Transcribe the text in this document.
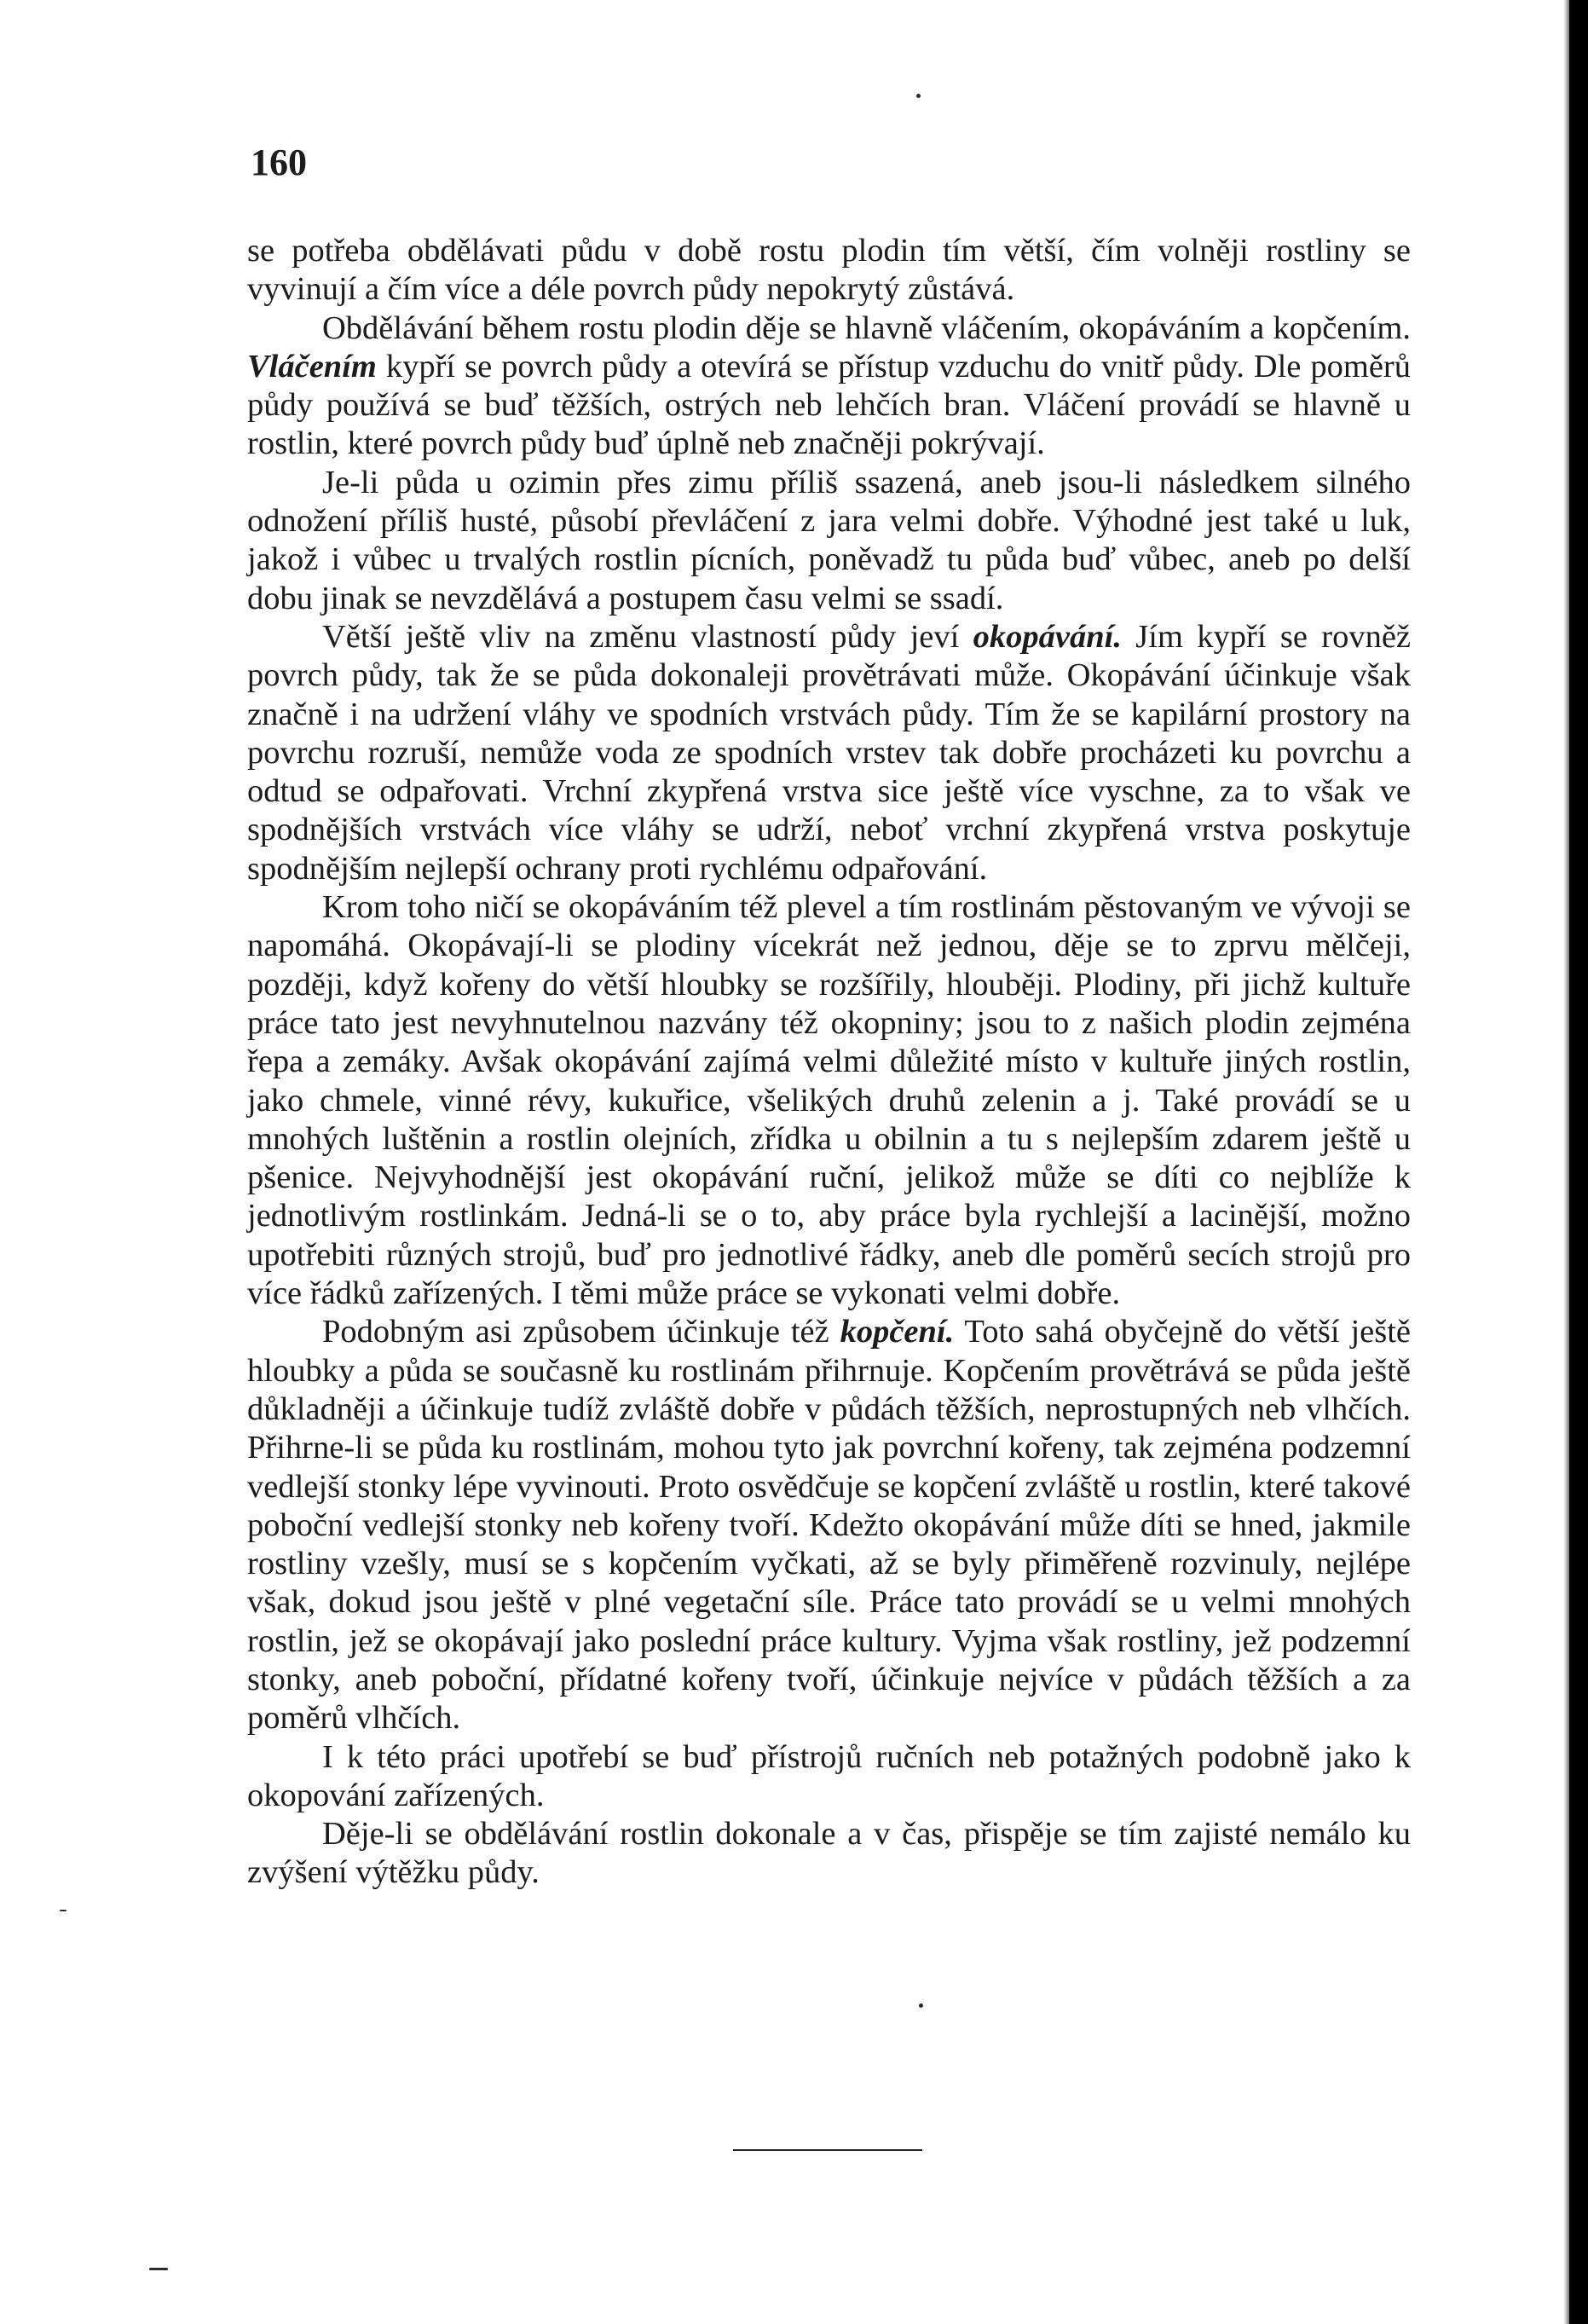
160

se potřeba obdělávati půdu v době rostu plodin tím větší, čím volněji rostliny se vyvinují a čím více a déle povrch půdy nepokrytý zůstává.

Obdělávání během rostu plodin děje se hlavně vláčením, okopáváním a kopčením. Vláčením kypří se povrch půdy a otevírá se přístup vzduchu do vnitř půdy. Dle poměrů půdy používá se buď těžších, ostrých neb lehčích bran. Vláčení provádí se hlavně u rostlin, které povrch půdy buď úplně neb značněji pokrývají.

Je-li půda u ozimin přes zimu příliš ssazená, aneb jsou-li následkem silného odnožení příliš husté, působí převláčení z jara velmi dobře. Výhodné jest také u luk, jakož i vůbec u trvalých rostlin pícních, poněvadž tu půda buď vůbec, aneb po delší dobu jinak se nevzdělává a postupem času velmi se ssadí.

Větší ještě vliv na změnu vlastností půdy jeví okopávání. Jím kypří se rovněž povrch půdy, tak že se půda dokonaleji provětrávati může. Okopávání účinkuje však značně i na udržení vláhy ve spodních vrstvách půdy. Tím že se kapilární prostory na povrchu rozruší, nemůže voda ze spodních vrstev tak dobře procházeti ku povrchu a odtud se odpařovati. Vrchní zkypřená vrstva sice ještě více vyschne, za to však ve spodnějších vrstvách více vláhy se udrží, neboť vrchní zkypřená vrstva poskytuje spodnějším nejlepší ochrany proti rychlému odpařování.

Krom toho ničí se okopáváním též plevel a tím rostlinám pěstovaným ve vývoji se napomáhá. Okopávají-li se plodiny vícekrát než jednou, děje se to zprvu mělčeji, později, když kořeny do větší hloubky se rozšířily, hlouběji. Plodiny, při jichž kultuře práce tato jest nevyhnutelnou nazvány též okopniny; jsou to z našich plodin zejména řepa a zemáky. Avšak okopávání zajímá velmi důležité místo v kultuře jiných rostlin, jako chmele, vinné révy, kukuřice, všelikých druhů zelenin a j. Také provádí se u mnohých luštěnin a rostlin olejních, zřídka u obilnin a tu s nejlepším zdarem ještě u pšenice. Nejvyhodnější jest okopávání ruční, jelikož může se díti co nejblíže k jednotlivým rostlinkám. Jedná-li se o to, aby práce byla rychlejší a lacinější, možno upotřebiti různých strojů, buď pro jednotlivé řádky, aneb dle poměrů secích strojů pro více řádků zařízených. I těmi může práce se vykonati velmi dobře.

Podobným asi způsobem účinkuje též kopčení. Toto sahá obyčejně do větší ještě hloubky a půda se současně ku rostlinám přihrnuje. Kopčením provětrává se půda ještě důkladněji a účinkuje tudíž zvláště dobře v půdách těžších, neprostupných neb vlhčích. Přihrne-li se půda ku rostlinám, mohou tyto jak povrchní kořeny, tak zejména podzemní vedlejší stonky lépe vyvinouti. Proto osvědčuje se kopčení zvláště u rostlin, které takové poboční vedlejší stonky neb kořeny tvoří. Kdežto okopávání může díti se hned, jakmile rostliny vzešly, musí se s kopčením vyčkati, až se byly přiměřeně rozvinuly, nejlépe však, dokud jsou ještě v plné vegetační síle. Práce tato provádí se u velmi mnohých rostlin, jež se okopávají jako poslední práce kultury. Vyjma však rostliny, jež podzemní stonky, aneb poboční, přídatné kořeny tvoří, účinkuje nejvíce v půdách těžších a za poměrů vlhčích.

I k této práci upotřebí se buď přístrojů ručních neb potažných podobně jako k okopování zařízených.

Děje-li se obdělávání rostlin dokonale a v čas, přispěje se tím zajisté nemálo ku zvýšení výtěžku půdy.
